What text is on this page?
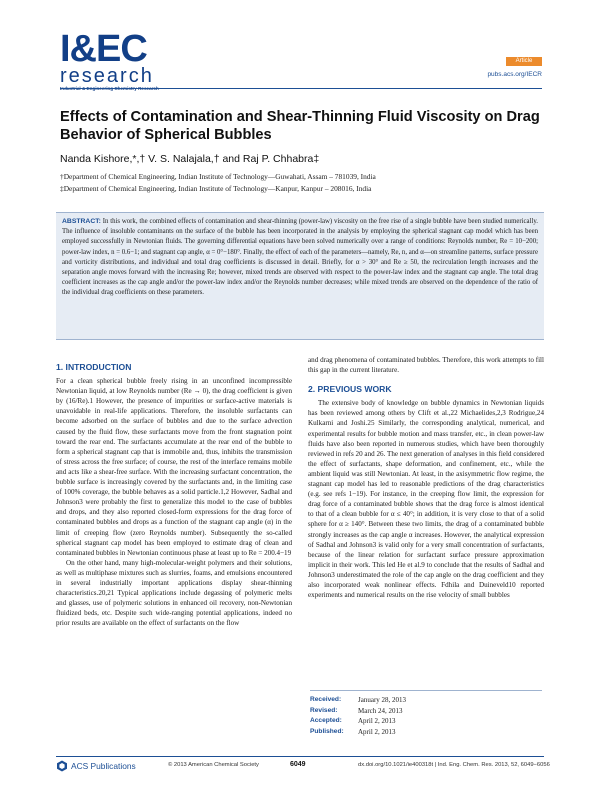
I&EC
research
Article
pubs.acs.org/IECR
Effects of Contamination and Shear-Thinning Fluid Viscosity on Drag Behavior of Spherical Bubbles
Nanda Kishore,*,† V. S. Nalajala,† and Raj P. Chhabra‡
†Department of Chemical Engineering, Indian Institute of Technology—Guwahati, Assam – 781039, India
‡Department of Chemical Engineering, Indian Institute of Technology—Kanpur, Kanpur – 208016, India
ABSTRACT: In this work, the combined effects of contamination and shear-thinning (power-law) viscosity on the free rise of a single bubble have been studied numerically. The influence of insoluble contaminants on the surface of the bubble has been incorporated in the analysis by employing the spherical stagnant cap model which has been employed successfully in Newtonian fluids. The governing differential equations have been solved numerically over a range of conditions: Reynolds number, Re = 10−200; power-law index, n = 0.6−1; and stagnant cap angle, α = 0°−180°. Finally, the effect of each of the parameters—namely, Re, n, and α—on streamline patterns, surface pressure and vorticity distributions, and individual and total drag coefficients is discussed in detail. Briefly, for α > 30° and Re ≥ 50, the recirculation length increases and the separation angle moves forward with the increasing Re; however, mixed trends are observed with respect to the power-law index and the stagnant cap angle. The total drag coefficient increases as the cap angle and/or the power-law index and/or the Reynolds number decreases; while mixed trends are observed on the dependence of the ratio of the individual drag coefficients on these parameters.
1. INTRODUCTION

For a clean spherical bubble freely rising in an unconfined incompressible Newtonian liquid, at low Reynolds number (Re → 0), the drag coefficient is given by (16/Re).1 However, the presence of impurities or surface-active materials is unavoidable in real-life applications. Therefore, the insoluble surfactants can become adsorbed on the surface of bubbles and due to the surface advection caused by the fluid flow, these surfactants move from the front stagnation point toward the rear end. The surfactants accumulate at the rear end of the bubble to form a spherical stagnant cap that is immobile and, thus, inhibits the transmission of stress across the free surface; of course, the rest of the interface remains mobile and acts like a shear-free surface. With the increasing surfactant concentration, the bubble surface is increasingly covered by the surfactants and, in the limiting case of 100% coverage, the bubble behaves as a solid particle.1,2 However, Sadhal and Johnson3 were probably the first to generalize this model to the case of bubbles and drops, and they also reported closed-form expressions for the drag force of contaminated bubbles and drops as a function of the stagnant cap angle (α) in the limit of creeping flow (zero Reynolds number). Subsequently the so-called spherical stagnant cap model has been employed to estimate drag of clean and contaminated bubbles in Newtonian continuous phase at least up to Re = 200.4−19

On the other hand, many high-molecular-weight polymers and their solutions, as well as multiphase mixtures such as slurries, foams, and emulsions encountered in several industrially important applications display shear-thinning characteristics.20,21 Typical applications include degassing of polymeric melts and glasses, use of polymeric solutions in enhanced oil recovery, non-Newtonian fluidized beds, etc. Despite such wide-ranging potential applications, indeed no prior results are available on the effect of surfactants on the flow

and drag phenomena of contaminated bubbles. Therefore, this work attempts to fill this gap in the current literature.

2. PREVIOUS WORK

The extensive body of knowledge on bubble dynamics in Newtonian liquids has been reviewed among others by Clift et al.,22 Michaelides,2,3 Rodrigue,24 Kulkarni and Joshi.25 Similarly, the corresponding analytical, numerical, and experimental results for bubble motion and mass transfer, etc., in clean power-law fluids have also been reported in numerous studies, which have been thoroughly reviewed in refs 20 and 26. The next generation of analyses in this field considered the effect of surfactants, shape deformation, and confinement, etc., while the ambient liquid was still Newtonian. At least, in the axisymmetric flow regime, the stagnant cap model has led to reasonable predictions of the drag characteristics (e.g. see refs 1−19). For instance, in the creeping flow limit, the expression for drag force of a contaminated bubble shows that the drag force is almost identical to that of a clean bubble for α ≤ 40°; in addition, it is very close to that of a solid sphere for α ≥ 140°. Between these two limits, the drag of a contaminated bubble strongly increases as the cap angle α increases. However, the analytical expression of Sadhal and Johnson3 is valid only for a very small concentration of surfactants, because of the linear relation for surfactant surface pressure approximation implicit in their work. This led He et al.9 to conclude that the results of Sadhal and Johnson3 underestimated the role of the cap angle on the drag coefficient and they also incorporated weak nonlinear effects. Fdhila and Duineveld10 reported experiments and numerical results on the rise velocity of small bubbles

Received:	January 28, 2013
Revised:	March 24, 2013
Accepted:	April 2, 2013
Published:	April 2, 2013
ACS Publications	© 2013 American Chemical Society	6049	dx.doi.org/10.1021/ie400318t | Ind. Eng. Chem. Res. 2013, 52, 6049−6056
